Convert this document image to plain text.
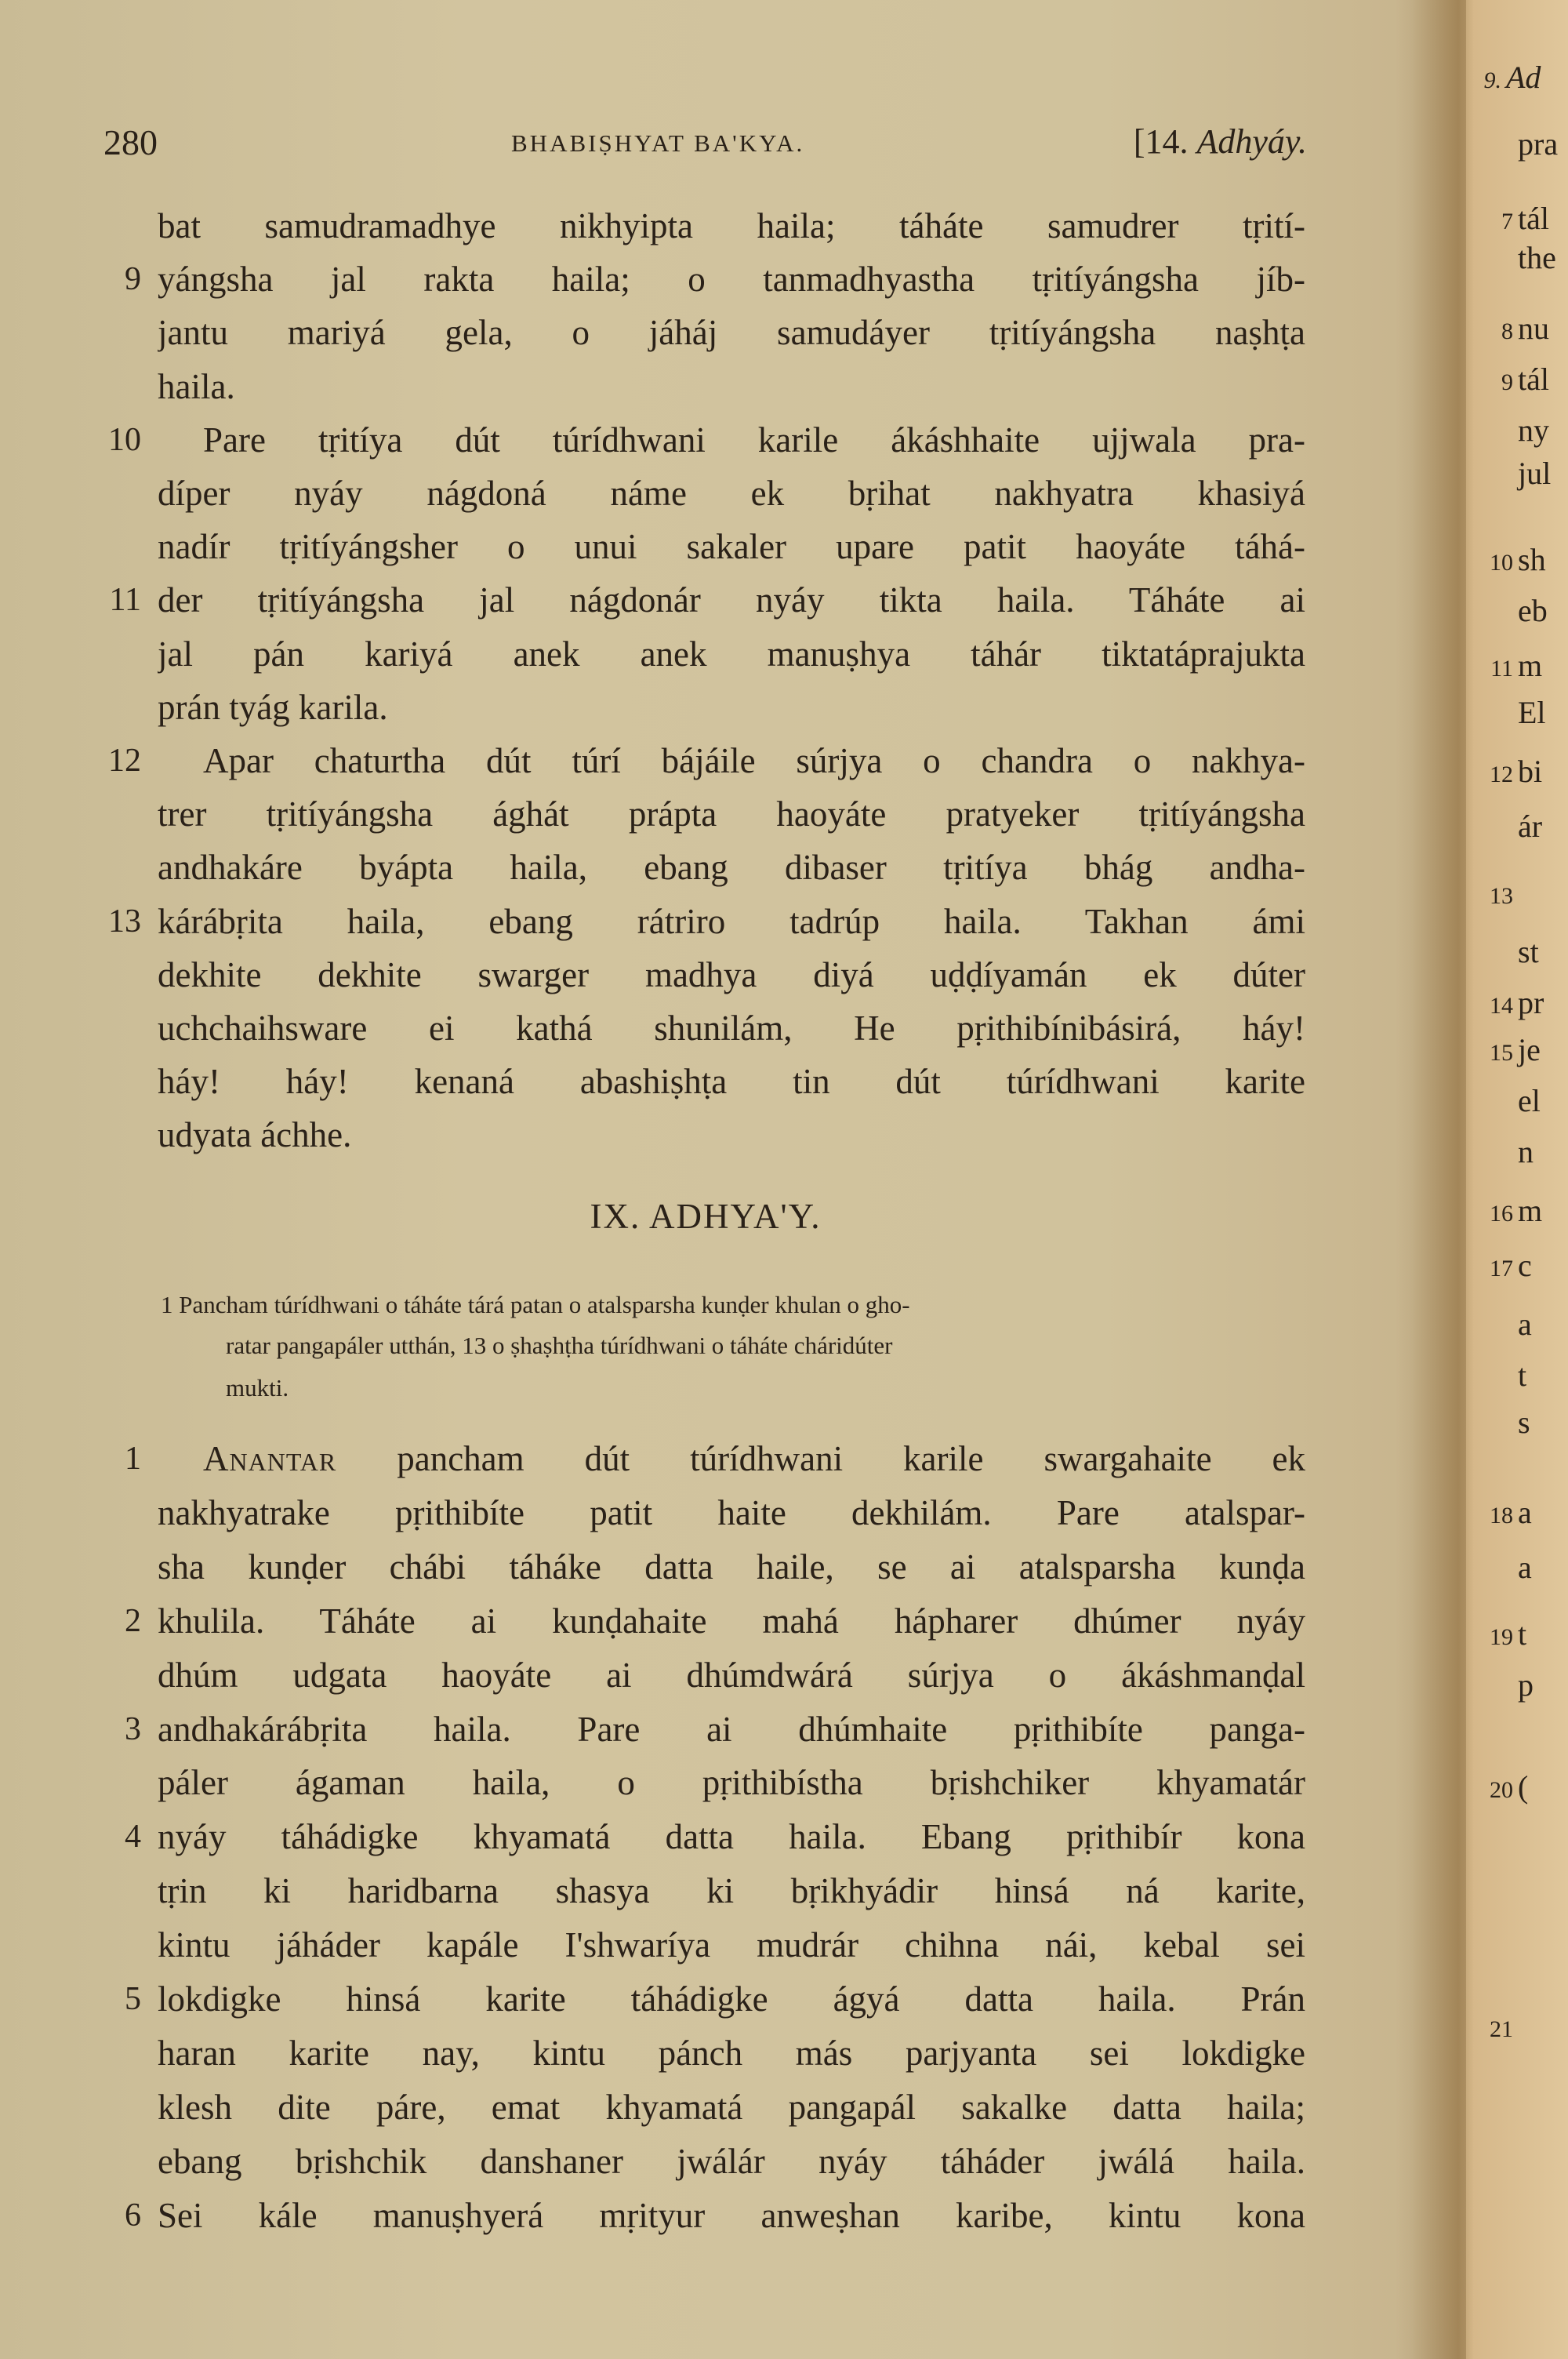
280	BHABIṢHYAT BA'KYA.	[14. Adhyáy.
bat samudramadhye nikhyipta haila; táháte samudrer tṛití-
9 yángsha jal rakta haila; o tanmadhyastha tṛitíyángsha jíb-
jantu mariyá gela, o jáháj samudáyer tṛitíyángsha naṣhṭa
haila.
10	Pare tṛitíya dút túrídhwani karile ákáshhaite ujjwala pra-
díper nyáy nágdoná náme ek bṛihat nakhyatra khasiyá
nadír tṛitíyángsher o unui sakaler upare patit haoyáte táhá-
11 der tṛitíyángsha jal nágdonár nyáy tikta haila. Táháte ai
jal pán kariyá anek anek manuṣhya táhár tiktatáprajukta
prán tyág karila.
12	Apar chaturtha dút túrí bájáile súrjya o chandra o nakhya-
trer tṛitíyángsha ághát prápta haoyáte pratyeker tṛitíyángsha
andhakáre byápta haila, ebang dibaser tṛitíya bhág andha-
13 kárábṛita haila, ebang rátriro tadrúp haila. Takhan ámi
dekhite dekhite swarger madhya diyá uḍḍíyamán ek dúter
uchchaihsware ei kathá shunilám, He pṛithibínibásirá, háy!
háy! háy! kenaná abashiṣhṭa tin dút túrídhwani karite
udyata áchhe.
IX. ADHYA'Y.
1 Pancham túrídhwani o táháte tárá patan o atalsparsha kunḍer khulan o gho-
ratar pangapáler utthán, 13 o ṣhaṣhṭha túrídhwani o táháte cháridúter
mukti.
1	Anantar pancham dút túrídhwani karile swargahaite ek
nakhyatrake pṛithibíte patit haite dekhilám. Pare atalspar-
sha kunḍer chábi táháke datta haile, se ai atalsparsha kunḍa
2 khulila. Táháte ai kunḍahaite mahá hápharer dhúmer nyáy
dhúm udgata haoyáte ai dhúmdwárá súrjya o ákáshmanḍal
3 andhakárábṛita haila. Pare ai dhúmhaite pṛithibíte panga-
páler ágaman haila, o pṛithibístha bṛishchiker khyamatár
4 nyáy táhádigke khyamatá datta haila. Ebang pṛithibír kona
tṛin ki haridbarna shasya ki bṛikhyádir hinsá ná karite,
kintu jáháder kapále I'shwaríya mudrár chihna nái, kebal sei
5 lokdigke hinsá karite táhádigke ágyá datta haila. Prán
haran karite nay, kintu pánch más parjyanta sei lokdigke
klesh dite páre, emat khyamatá pangapál sakalke datta haila;
ebang bṛishchik danshaner jwálár nyáy táháder jwálá haila.
6 Sei kále manuṣhyerá mṛityur anweṣhan karibe, kintu kona
9. Ad
pra
7 tál
the
8 nu
9 tál
ny
jul
10 sh
eb
11 m
El
12 bi
ár
13
st
14 pr
15 je
el
n
16 m
17 c
a
t
s
18 a
a
19 t
p
20 (
21
